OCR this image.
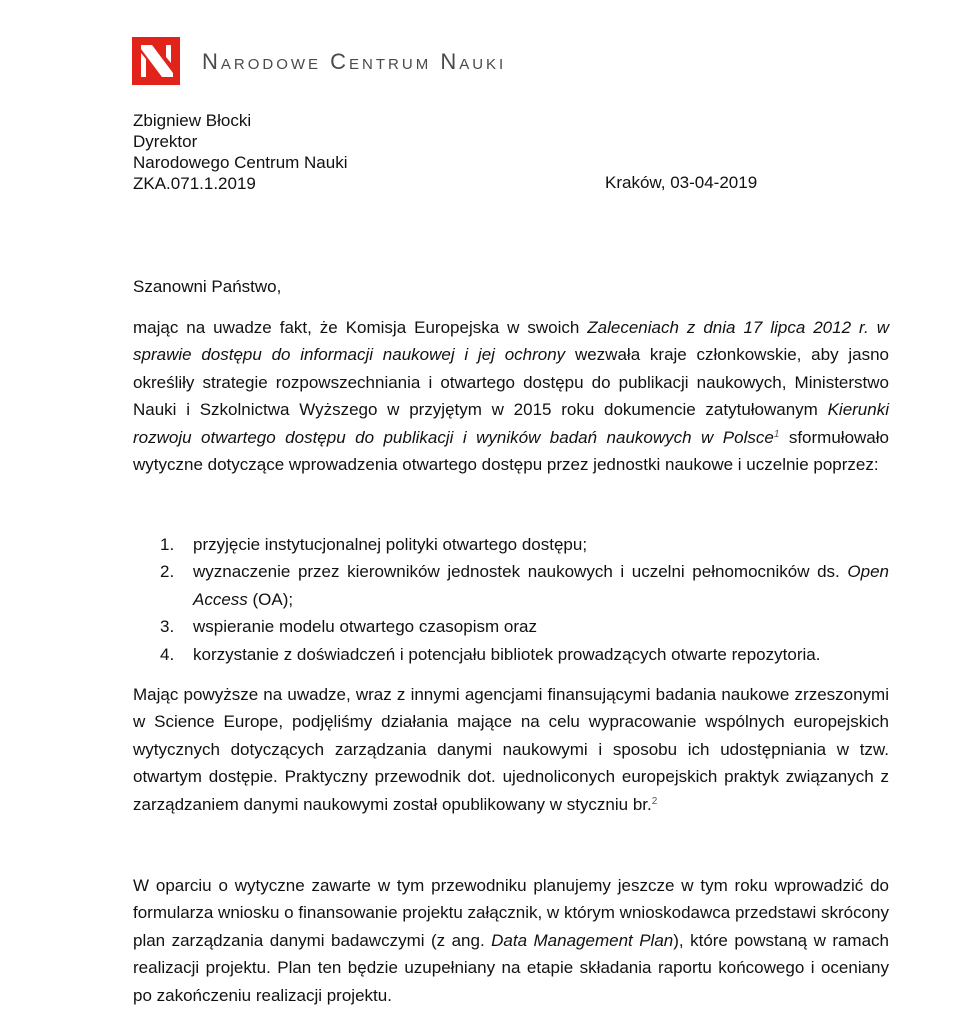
Narodowe Centrum Nauki
Zbigniew Błocki
Dyrektor
Narodowego Centrum Nauki
ZKA.071.1.2019	Kraków, 03-04-2019
Szanowni Państwo,

mając na uwadze fakt, że Komisja Europejska w swoich Zaleceniach z dnia 17 lipca 2012 r. w sprawie dostępu do informacji naukowej i jej ochrony wezwała kraje członkowskie, aby jasno określiły strategie rozpowszechniania i otwartego dostępu do publikacji naukowych, Ministerstwo Nauki i Szkolnictwa Wyższego w przyjętym w 2015 roku dokumencie zatytułowanym Kierunki rozwoju otwartego dostępu do publikacji i wyników badań naukowych w Polsce$^1$ sformułowało wytyczne dotyczące wprowadzenia otwartego dostępu przez jednostki naukowe i uczelnie poprzez:

1. przyjęcie instytucjonalnej polityki otwartego dostępu;
2. wyznaczenie przez kierowników jednostek naukowych i uczelni pełnomocników ds. Open Access (OA);
3. wspieranie modelu otwartego czasopism oraz
4. korzystanie z doświadczeń i potencjału bibliotek prowadzących otwarte repozytoria.

Mając powyższe na uwadze, wraz z innymi agencjami finansującymi badania naukowe zrzeszonymi w Science Europe, podjęliśmy działania mające na celu wypracowanie wspólnych europejskich wytycznych dotyczących zarządzania danymi naukowymi i sposobu ich udostępniania w tzw. otwartym dostępie. Praktyczny przewodnik dot. ujednoliconych europejskich praktyk związanych z zarządzaniem danymi naukowymi został opublikowany w styczniu br.$^2$

W oparciu o wytyczne zawarte w tym przewodniku planujemy jeszcze w tym roku wprowadzić do formularza wniosku o finansowanie projektu załącznik, w którym wnioskodawca przedstawi skrócony plan zarządzania danymi badawczymi (z ang. Data Management Plan), które powstaną w ramach realizacji projektu. Plan ten będzie uzupełniany na etapie składania raportu końcowego i oceniany po zakończeniu realizacji projektu.
